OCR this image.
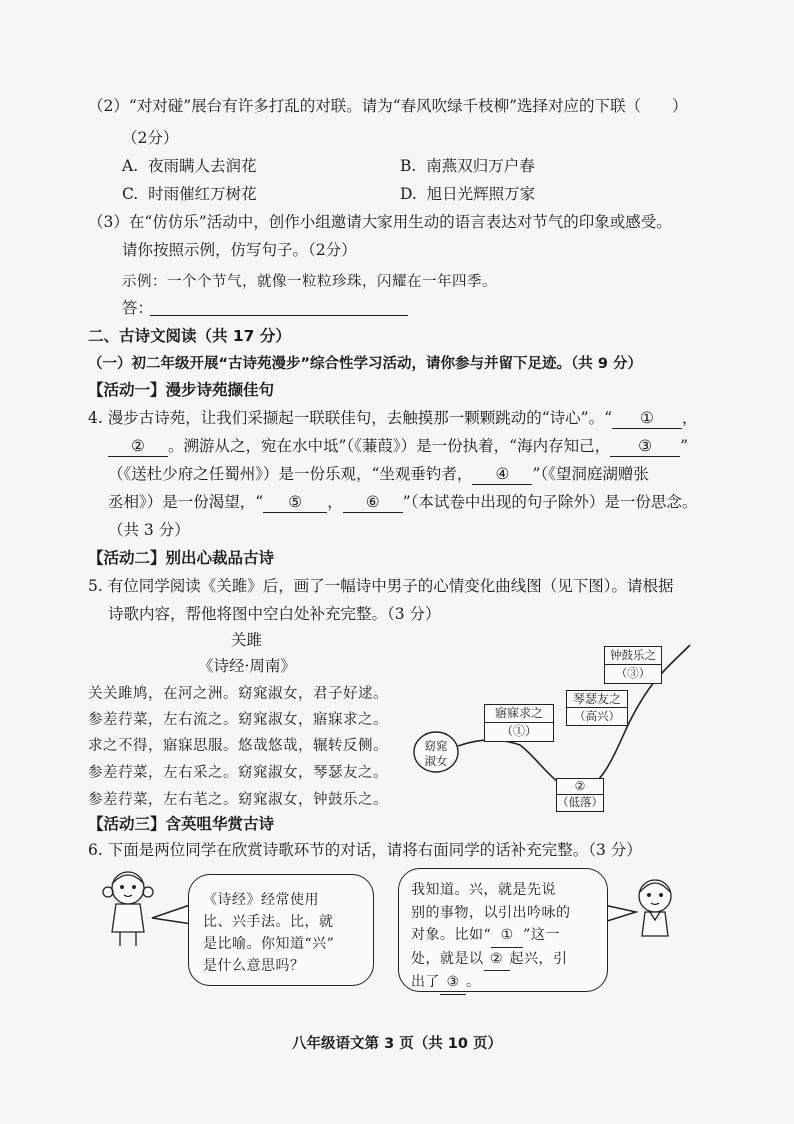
（2）“对对碰”展台有许多打乱的对联。请为“春风吹绿千枝柳”选择对应的下联（　　）
（2分）
A. 夜雨瞒人去润花	B. 南燕双归万户春
C. 时雨催红万树花	D. 旭日光辉照万家
（3）在“仿仿乐”活动中，创作小组邀请大家用生动的语言表达对节气的印象或感受。
请你按照示例，仿写句子。（2分）
示例：一个个节气，就像一粒粒珍珠，闪耀在一年四季。
答：
二、古诗文阅读（共 17 分）
（一）初二年级开展“古诗苑漫步”综合性学习活动，请你参与并留下足迹。（共 9 分）
【活动一】漫步诗苑撷佳句
4. 漫步古诗苑，让我们采撷起一联联佳句，去触摸那一颗颗跳动的“诗心”。“ ① ，
② 。溯游从之，宛在水中坻”（《蒹葭》）是一份执着，“海内存知己， ③ ”
（《送杜少府之任蜀州》）是一份乐观，“坐观垂钓者， ④ ”（《望洞庭湖赠张
丞相》）是一份渴望，“ ⑤ ， ⑥ ”（本试卷中出现的句子除外）是一份思念。
（共 3 分）
【活动二】别出心裁品古诗
5. 有位同学阅读《关雎》后，画了一幅诗中男子的心情变化曲线图（见下图）。请根据
诗歌内容，帮他将图中空白处补充完整。（3 分）
关雎
《诗经·周南》
关关雎鸠，在河之洲。窈窕淑女，君子好逑。
参差荇菜，左右流之。窈窕淑女，寤寐求之。
求之不得，寤寐思服。悠哉悠哉，辗转反侧。
参差荇菜，左右采之。窈窕淑女，琴瑟友之。
参差荇菜，左右芼之。窈窕淑女，钟鼓乐之。
窈窕
淑女
寤寐求之
（①）
②
（低落）
琴瑟友之
（高兴）
钟鼓乐之
（③）
【活动三】含英咀华赏古诗
6. 下面是两位同学在欣赏诗歌环节的对话，请将右面同学的话补充完整。（3 分）
《诗经》经常使用
比、兴手法。比，就
是比喻。你知道“兴”
是什么意思吗？
我知道。兴，就是先说
别的事物，以引出吟咏的
对象。比如“ ① ”这一
处，就是以 ② 起兴，引
出了 ③ 。
八年级语文第 3 页（共 10 页）
